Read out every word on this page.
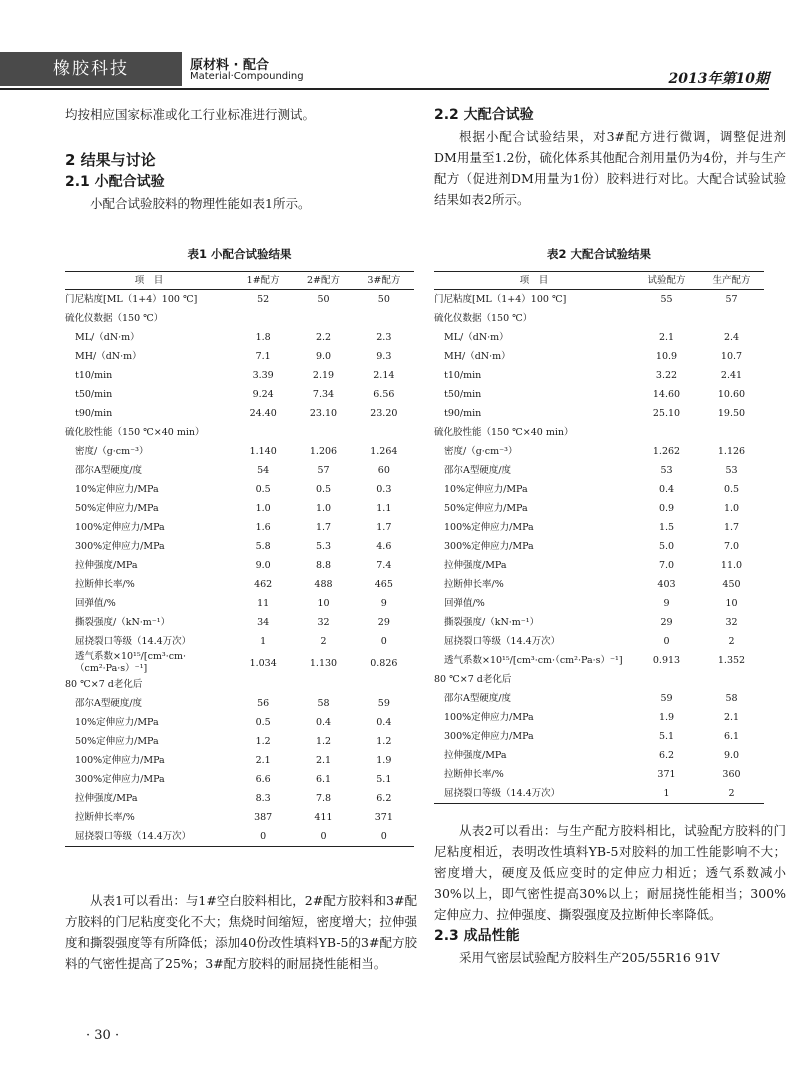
橡胶科技	原材料 · 配合
Material·Compounding	2013年第10期

均按相应国家标准或化工行业标准进行测试。

2 结果与讨论

2.1 小配合试验

小配合试验胶料的物理性能如表1所示。

2.2 大配合试验

根据小配合试验结果，对3#配方进行微调，调整促进剂DM用量至1.2份，硫化体系其他配合剂用量仍为4份，并与生产配方（促进剂DM用量为1份）胶料进行对比。大配合试验试验结果如表2所示。

表1 小配合试验结果
项　目	1#配方	2#配方	3#配方
门尼粘度[ML（1+4）100 ℃]	52	50	50
硫化仪数据（150 ℃）			
ML/（dN·m）	1.8	2.2	2.3
MH/（dN·m）	7.1	9.0	9.3
t10/min	3.39	2.19	2.14
t50/min	9.24	7.34	6.56
t90/min	24.40	23.10	23.20
硫化胶性能（150 ℃×40 min）			
密度/（g·cm⁻³）	1.140	1.206	1.264
邵尔A型硬度/度	54	57	60
10%定伸应力/MPa	0.5	0.5	0.3
50%定伸应力/MPa	1.0	1.0	1.1
100%定伸应力/MPa	1.6	1.7	1.7
300%定伸应力/MPa	5.8	5.3	4.6
拉伸强度/MPa	9.0	8.8	7.4
拉断伸长率/%	462	488	465
回弹值/%	11	10	9
撕裂强度/（kN·m⁻¹）	34	32	29
屈挠裂口等级（14.4万次）	1	2	0
透气系数×10¹⁵/[cm³·cm·（cm²·Pa·s）⁻¹]	1.034	1.130	0.826
80 ℃×7 d老化后			
邵尔A型硬度/度	56	58	59
10%定伸应力/MPa	0.5	0.4	0.4
50%定伸应力/MPa	1.2	1.2	1.2
100%定伸应力/MPa	2.1	2.1	1.9
300%定伸应力/MPa	6.6	6.1	5.1
拉伸强度/MPa	8.3	7.8	6.2
拉断伸长率/%	387	411	371
屈挠裂口等级（14.4万次）	0	0	0
表2 大配合试验结果
项　目	试验配方	生产配方
门尼粘度[ML（1+4）100 ℃]	55	57
硫化仪数据（150 ℃）		
ML/（dN·m）	2.1	2.4
MH/（dN·m）	10.9	10.7
t10/min	3.22	2.41
t50/min	14.60	10.60
t90/min	25.10	19.50
硫化胶性能（150 ℃×40 min）		
密度/（g·cm⁻³）	1.262	1.126
邵尔A型硬度/度	53	53
10%定伸应力/MPa	0.4	0.5
50%定伸应力/MPa	0.9	1.0
100%定伸应力/MPa	1.5	1.7
300%定伸应力/MPa	5.0	7.0
拉伸强度/MPa	7.0	11.0
拉断伸长率/%	403	450
回弹值/%	9	10
撕裂强度/（kN·m⁻¹）	29	32
屈挠裂口等级（14.4万次）	0	2
透气系数×10¹⁵/[cm³·cm·（cm²·Pa·s）⁻¹]	0.913	1.352
80 ℃×7 d老化后		
邵尔A型硬度/度	59	58
100%定伸应力/MPa	1.9	2.1
300%定伸应力/MPa	5.1	6.1
拉伸强度/MPa	6.2	9.0
拉断伸长率/%	371	360
屈挠裂口等级（14.4万次）	1	2

从表1可以看出：与1#空白胶料相比，2#配方胶料和3#配方胶料的门尼粘度变化不大；焦烧时间缩短，密度增大；拉伸强度和撕裂强度等有所降低；添加40份改性填料YB-5的3#配方胶料的气密性提高了25%；3#配方胶料的耐屈挠性能相当。

从表2可以看出：与生产配方胶料相比，试验配方胶料的门尼粘度相近，表明改性填料YB-5对胶料的加工性能影响不大；密度增大，硬度及低应变时的定伸应力相近；透气系数减小30%以上，即气密性提高30%以上；耐屈挠性能相当；300%定伸应力、拉伸强度、撕裂强度及拉断伸长率降低。

2.3 成品性能

采用气密层试验配方胶料生产205/55R16 91V

· 30 ·
